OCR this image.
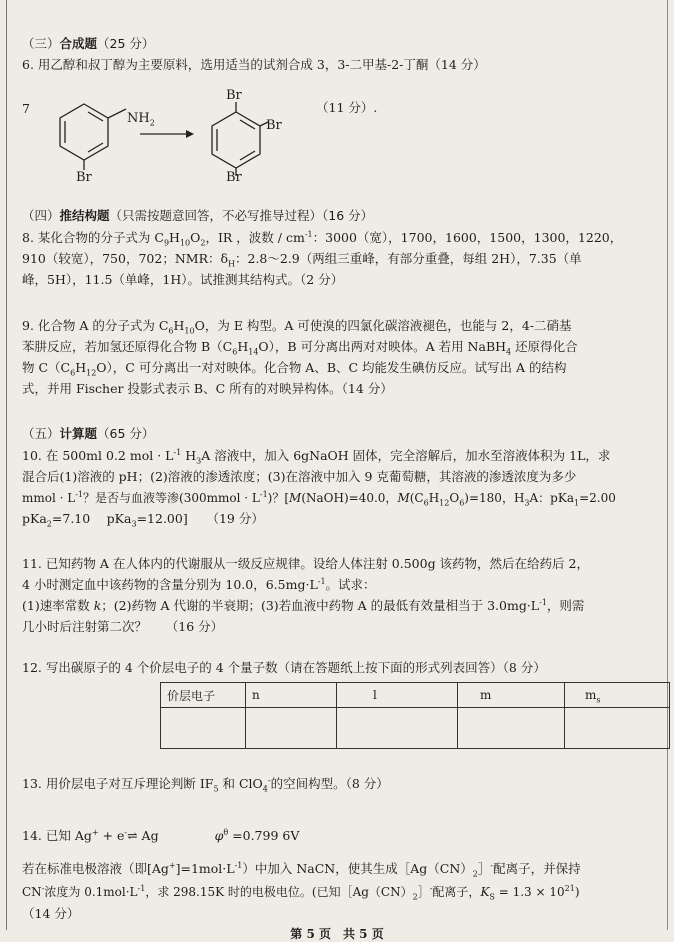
（三）合成题（25 分）
6. 用乙醇和叔丁醇为主要原料，选用适当的试剂合成 3，3-二甲基-2-丁酮（14 分）
7
$NH_2$
Br
Br
Br
Br
（11 分）.
（四）推结构题（只需按题意回答，不必写推导过程）（16 分）
8. 某化合物的分子式为 $C_9H_{10}O_2$，IR ，波数 / $cm^{-1}$：3000（宽），1700，1600，1500，1300，1220，
910（较宽），750，702；NMR：$\delta_H$：2.8～2.9（两组三重峰，有部分重叠，每组 2H），7.35（单
峰，5H），11.5（单峰，1H）。试推测其结构式。（2 分）
9. 化合物 A 的分子式为 $C_6H_{10}O$，为 E 构型。A 可使溴的四氯化碳溶液褪色，也能与 2，4-二硝基
苯肼反应，若加氢还原得化合物 $B(C_6H_{14}O)$，B 可分离出两对对映体。A 若用 NaBH$_4$ 还原得化合
物 $C(C_6H_{12}O)$，C 可分离出一对对映体。化合物 A、B、C 均能发生碘仿反应。试写出 A 的结构
式，并用 Fischer 投影式表示 B、C 所有的对映异构体。（14 分）
（五）计算题（65 分）
10. 在 500ml 0.2 mol · $L^{-1}$ $H_3A$ 溶液中，加入 6gNaOH 固体，完全溶解后，加水至溶液体积为 1L，求
混合后(1)溶液的 pH；(2)溶液的渗透浓度；(3)在溶液中加入 9 克葡萄糖，其溶液的渗透浓度为多少
mmol · $L^{-1}$？是否与血液等渗(300mmol · $L^{-1}$)？[M(NaOH)=40.0，$M(C_6H_{12}O_6)=180$，$H_3A$：pKa$_1$=2.00
pKa$_2$=7.10　 pKa$_3$=12.00]　　（19 分）
11. 已知药物 A 在人体内的代谢服从一级反应规律。设给人体注射 0.500g 该药物，然后在给药后 2，
4 小时测定血中该药物的含量分别为 10.0，$6.5mg\cdot L^{-1}$。试求：
(1)速率常数 k；(2)药物 A 代谢的半衰期；(3)若血液中药物 A 的最低有效量相当于 $3.0mg\cdot L^{-1}$，则需
几小时后注射第二次？　　（16 分）
12. 写出碳原子的 4 个价层电子的 4 个量子数（请在答题纸上按下面的形式列表回答）（8 分）
价层电子	n	l	m	$m_s$

13. 用价层电子对互斥理论判断 $IF_5$ 和 ClO$_4$-的空间构型。（8 分）
14. 已知 Ag+ + e-⇌ Ag	$\varphi^\theta =0.799$ 6V
若在标准电极溶液（即$[Ag^+]=1mol\cdot L^{-1}$）中加入 NaCN，使其生成$[Ag(CN)_2]^-$配离子，并保持
CN-浓度为 $0.1mol\cdot L^{-1}$，求 298.15K 时的电极电位。(已知$[Ag(CN)_2]^-$配离子，$K_S = 1.3 \times 10^{21}$)
（14 分）
第 5 页　共 5 页
